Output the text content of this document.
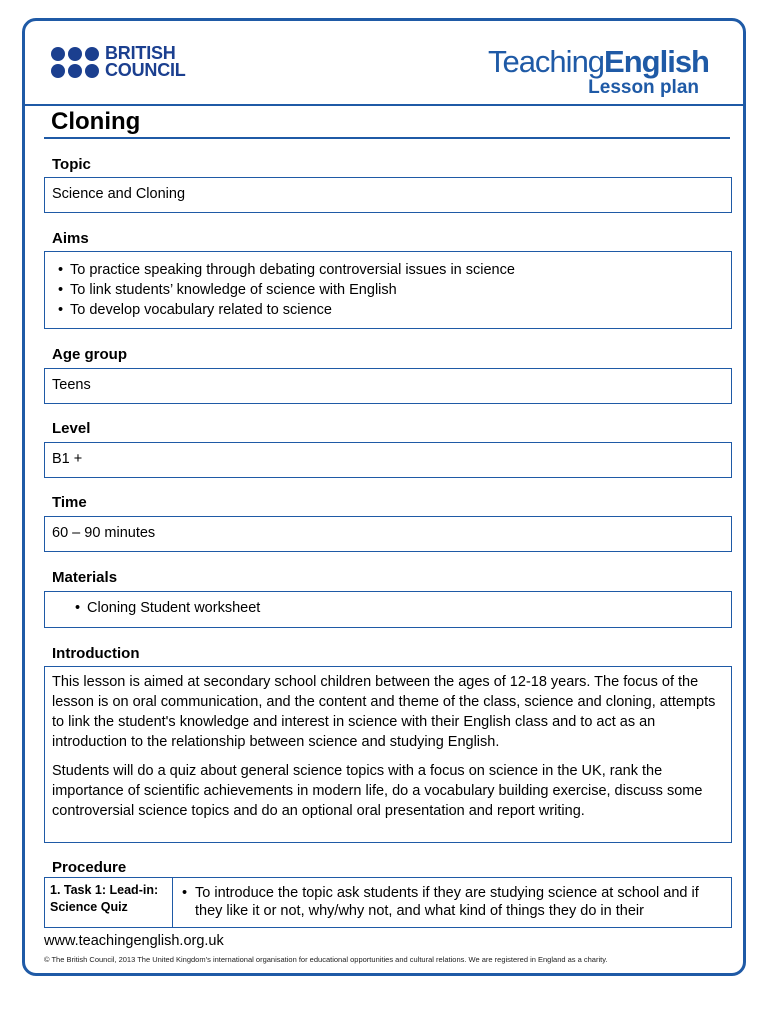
BRITISH
COUNCIL	TeachingEnglish
Lesson plan
Cloning
Topic
Science and Cloning
Aims
• To practice speaking through debating controversial issues in science
• To link students’ knowledge of science with English
• To develop vocabulary related to science
Age group
Teens
Level
B1 +
Time
60 – 90 minutes
Materials
• Cloning Student worksheet
Introduction

This lesson is aimed at secondary school children between the ages of 12-18 years. The focus of the lesson is on oral communication, and the content and theme of the class, science and cloning, attempts to link the student's knowledge and interest in science with their English class and to act as an introduction to the relationship between science and studying English.

Students will do a quiz about general science topics with a focus on science in the UK, rank the importance of scientific achievements in modern life, do a vocabulary building exercise, discuss some controversial science topics and do an optional oral presentation and report writing.

Procedure
1. Task 1: Lead-in: Science Quiz
• To introduce the topic ask students if they are studying science at school and if they like it or not, why/why not, and what kind of things they do in their
www.teachingenglish.org.uk
© The British Council, 2013 The United Kingdom’s international organisation for educational opportunities and cultural relations. We are registered in England as a charity.
